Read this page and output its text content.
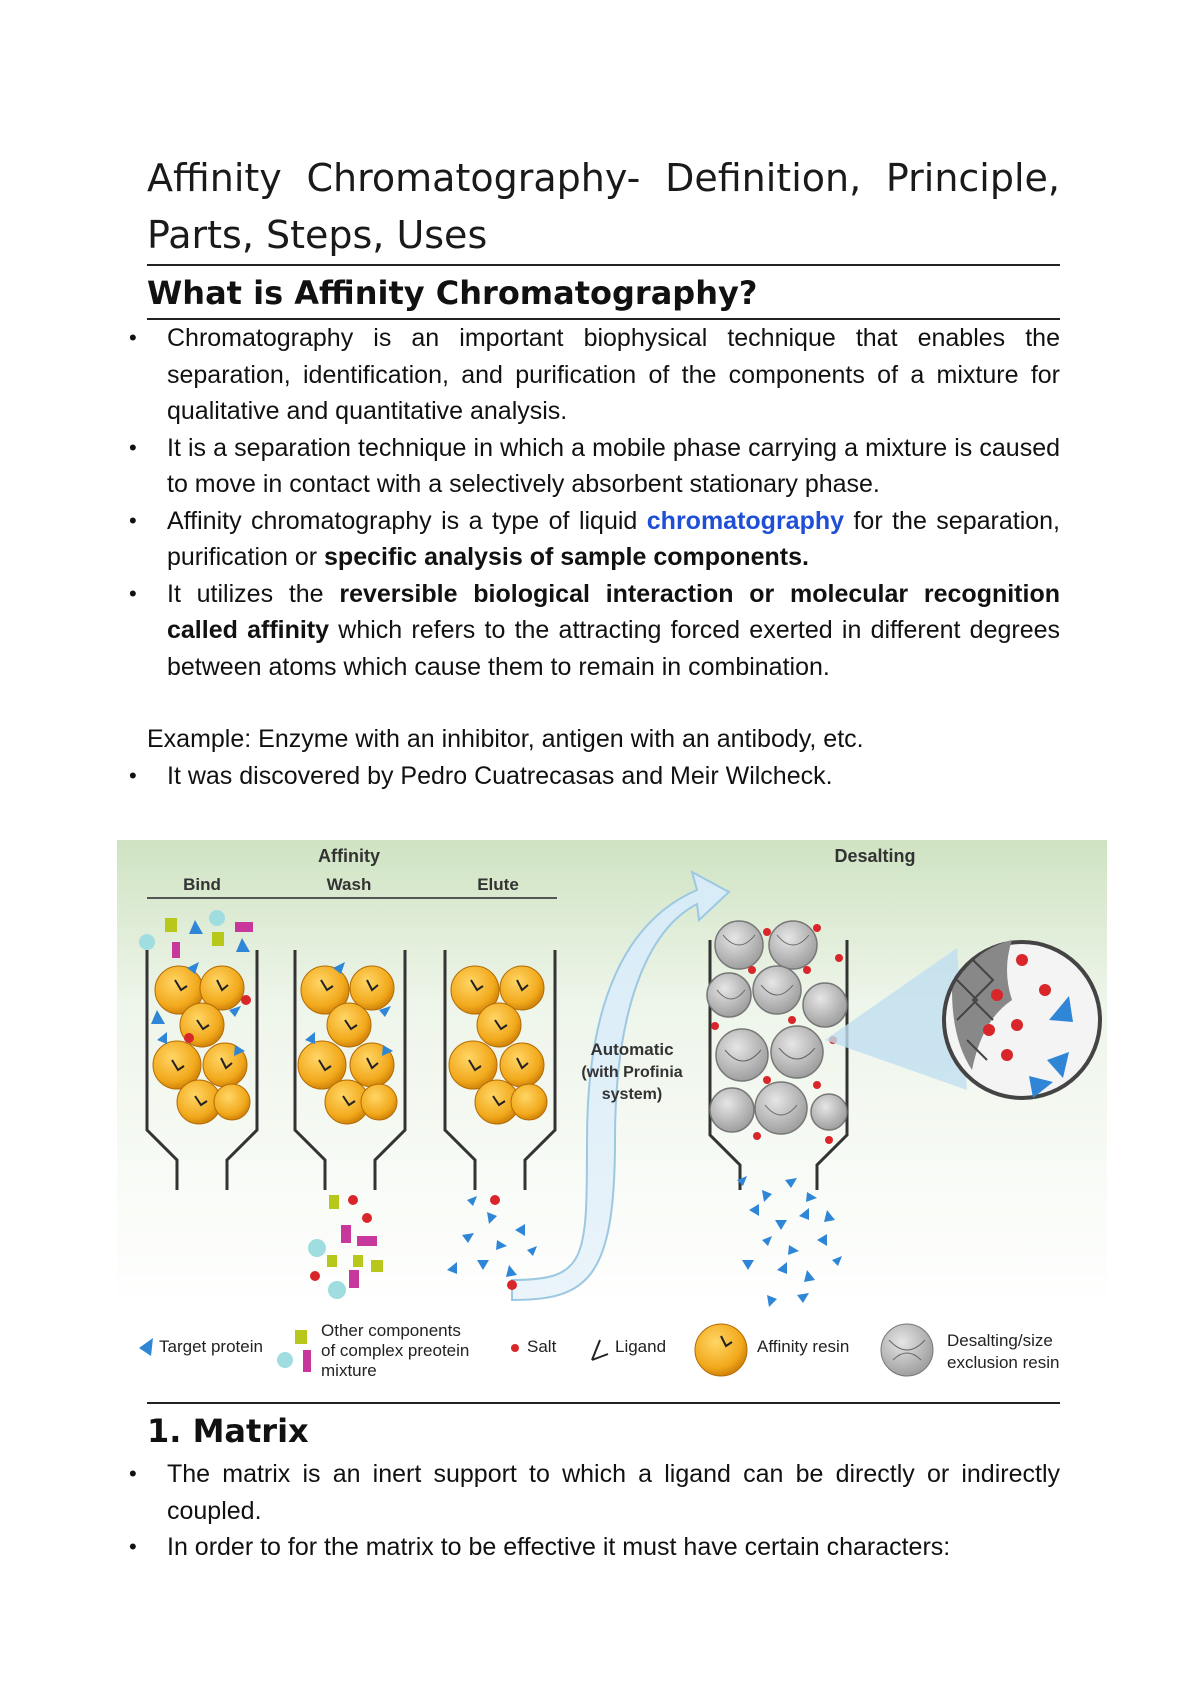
Affinity Chromatography- Definition, Principle, Parts, Steps, Uses
What is Affinity Chromatography?
• Chromatography is an important biophysical technique that enables the separation, identification, and purification of the components of a mixture for qualitative and quantitative analysis.
• It is a separation technique in which a mobile phase carrying a mixture is caused to move in contact with a selectively absorbent stationary phase.
• Affinity chromatography is a type of liquid chromatography for the separation, purification or specific analysis of sample components.
• It utilizes the reversible biological interaction or molecular recognition called affinity which refers to the attracting forced exerted in different degrees between atoms which cause them to remain in combination.

Example: Enzyme with an inhibitor, antigen with an antibody, etc.

• It was discovered by Pedro Cuatrecasas and Meir Wilcheck.
Affinity
Bind	Wash	Elute
Desalting
Automatic
(with Profinia
system)
Target protein
Other components
of complex preotein
mixture
Salt	Ligand	Affinity resin	Desalting/size
exclusion resin
1. Matrix
• The matrix is an inert support to which a ligand can be directly or indirectly coupled.
• In order to for the matrix to be effective it must have certain characters:
